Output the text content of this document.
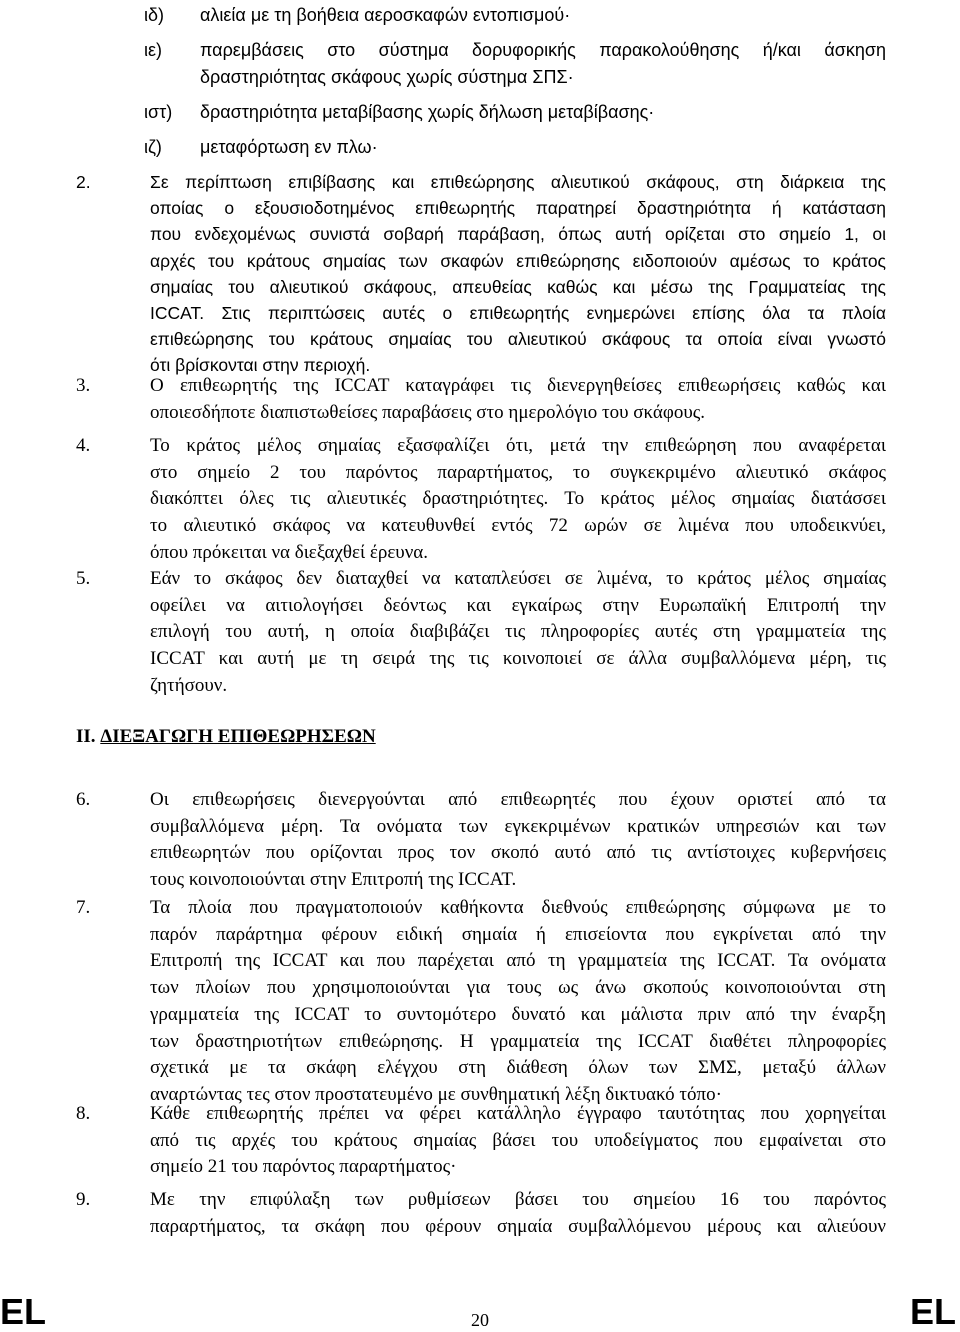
ιδ) αλιεία με τη βοήθεια αεροσκαφών εντοπισμού·
ιε) παρεμβάσεις στο σύστημα δορυφορικής παρακολούθησης ή/και άσκηση
δραστηριότητας σκάφους χωρίς σύστημα ΣΠΣ·
ιστ) δραστηριότητα μεταβίβασης χωρίς δήλωση μεταβίβασης·
ιζ) μεταφόρτωση εν πλω·
2.	Σε περίπτωση επιβίβασης και επιθεώρησης αλιευτικού σκάφους, στη διάρκεια της
οποίας ο εξουσιοδοτημένος επιθεωρητής παρατηρεί δραστηριότητα ή κατάσταση
που ενδεχομένως συνιστά σοβαρή παράβαση, όπως αυτή ορίζεται στο σημείο 1, οι
αρχές του κράτους σημαίας των σκαφών επιθεώρησης ειδοποιούν αμέσως το κράτος
σημαίας του αλιευτικού σκάφους, απευθείας καθώς και μέσω της Γραμματείας της
ICCAT. Στις περιπτώσεις αυτές ο επιθεωρητής ενημερώνει επίσης όλα τα πλοία
επιθεώρησης του κράτους σημαίας του αλιευτικού σκάφους τα οποία είναι γνωστό
ότι βρίσκονται στην περιοχή.
3.	Ο επιθεωρητής της ICCAT καταγράφει τις διενεργηθείσες επιθεωρήσεις καθώς και
οποιεσδήποτε διαπιστωθείσες παραβάσεις στο ημερολόγιο του σκάφους.
4.	Το κράτος μέλος σημαίας εξασφαλίζει ότι, μετά την επιθεώρηση που αναφέρεται
στο σημείο 2 του παρόντος παραρτήματος, το συγκεκριμένο αλιευτικό σκάφος
διακόπτει όλες τις αλιευτικές δραστηριότητες. Το κράτος μέλος σημαίας διατάσσει
το αλιευτικό σκάφος να κατευθυνθεί εντός 72 ωρών σε λιμένα που υποδεικνύει,
όπου πρόκειται να διεξαχθεί έρευνα.
5.	Εάν το σκάφος δεν διαταχθεί να καταπλεύσει σε λιμένα, το κράτος μέλος σημαίας
οφείλει να αιτιολογήσει δεόντως και εγκαίρως στην Ευρωπαϊκή Επιτροπή την
επιλογή του αυτή, η οποία διαβιβάζει τις πληροφορίες αυτές στη γραμματεία της
ICCAT και αυτή με τη σειρά της τις κοινοποιεί σε άλλα συμβαλλόμενα μέρη, τις
ζητήσουν.
II. ΔΙΕΞΑΓΩΓΗ ΕΠΙΘΕΩΡΗΣΕΩΝ
6.	Οι επιθεωρήσεις διενεργούνται από επιθεωρητές που έχουν οριστεί από τα
συμβαλλόμενα μέρη. Τα ονόματα των εγκεκριμένων κρατικών υπηρεσιών και των
επιθεωρητών που ορίζονται προς τον σκοπό αυτό από τις αντίστοιχες κυβερνήσεις
τους κοινοποιούνται στην Επιτροπή της ICCAT.
7.	Τα πλοία που πραγματοποιούν καθήκοντα διεθνούς επιθεώρησης σύμφωνα με το
παρόν παράρτημα φέρουν ειδική σημαία ή επισείοντα που εγκρίνεται από την
Επιτροπή της ICCAT και που παρέχεται από τη γραμματεία της ICCAT. Τα ονόματα
των πλοίων που χρησιμοποιούνται για τους ως άνω σκοπούς κοινοποιούνται στη
γραμματεία της ICCAT το συντομότερο δυνατό και μάλιστα πριν από την έναρξη
των δραστηριοτήτων επιθεώρησης. Η γραμματεία της ICCAT διαθέτει πληροφορίες
σχετικά με τα σκάφη ελέγχου στη διάθεση όλων των ΣΜΣ, μεταξύ άλλων
αναρτώντας τες στον προστατευμένο με συνθηματική λέξη δικτυακό τόπο·
8.	Κάθε επιθεωρητής πρέπει να φέρει κατάλληλο έγγραφο ταυτότητας που χορηγείται
από τις αρχές του κράτους σημαίας βάσει του υποδείγματος που εμφαίνεται στο
σημείο 21 του παρόντος παραρτήματος·
9.	Με την επιφύλαξη των ρυθμίσεων βάσει του σημείου 16 του παρόντος
παραρτήματος, τα σκάφη που φέρουν σημαία συμβαλλόμενου μέρους και αλιεύουν
EL	20	EL
